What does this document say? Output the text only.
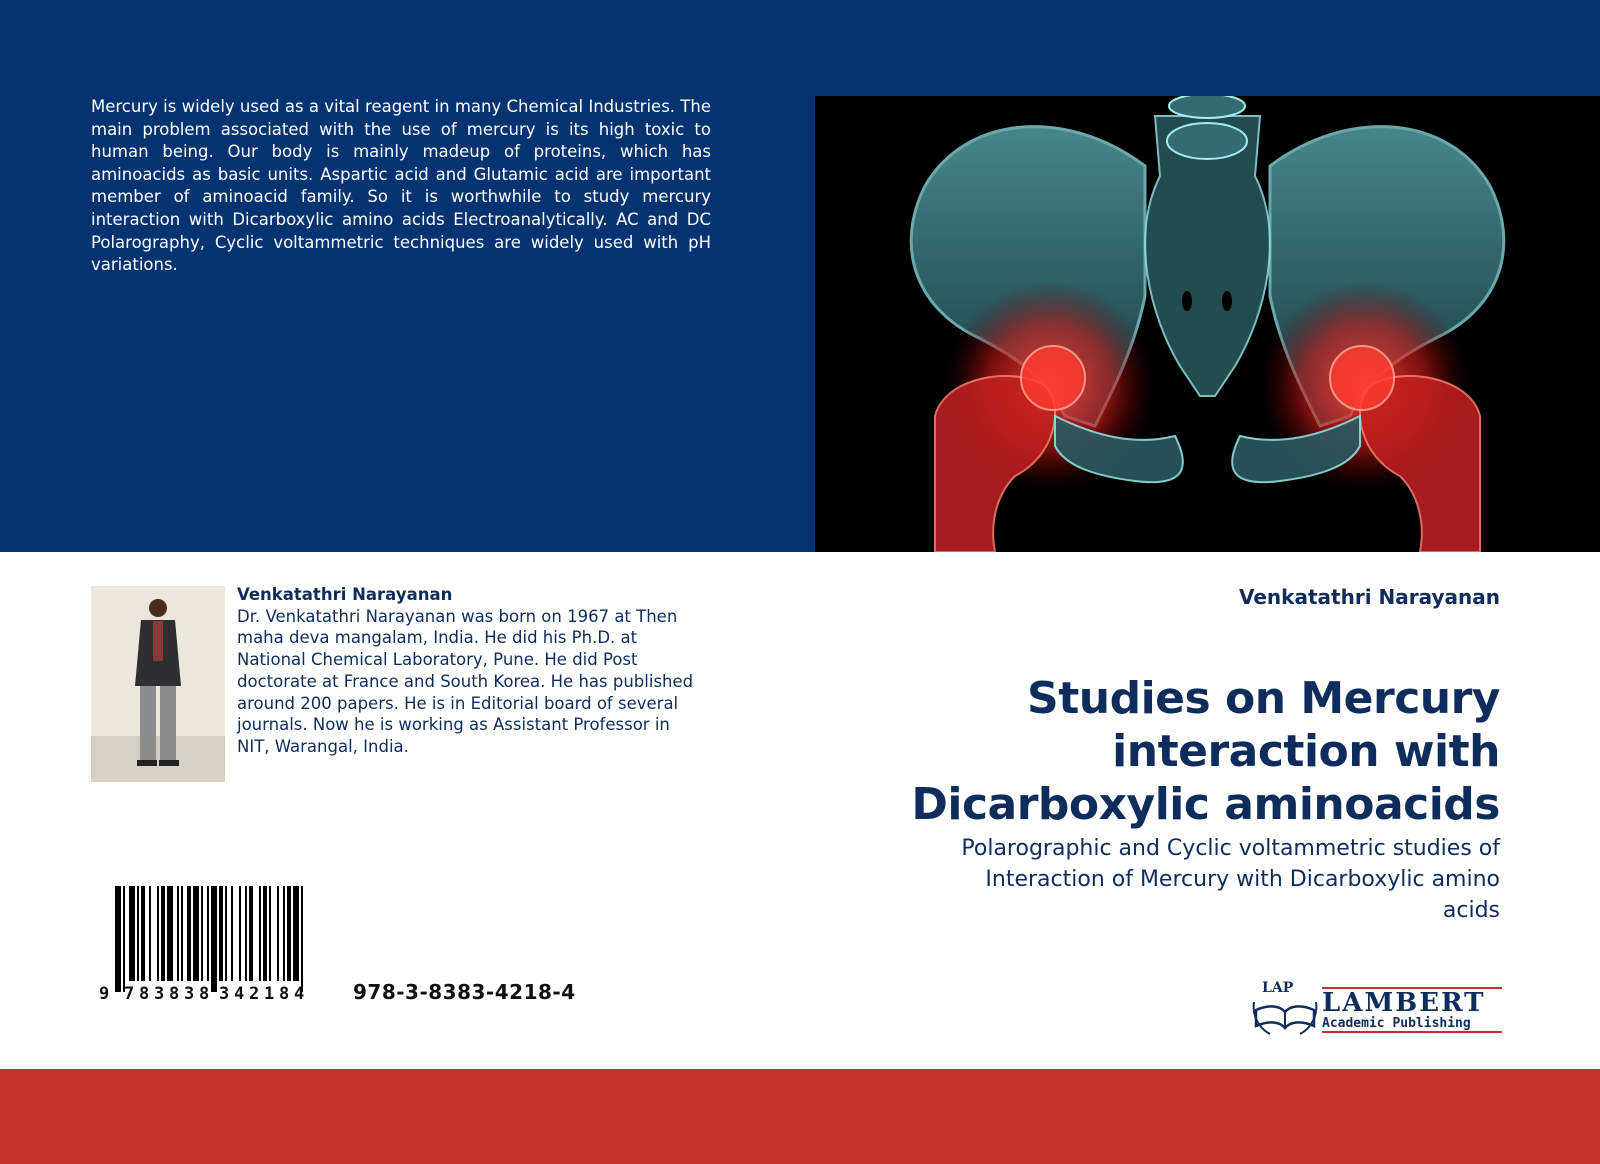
Mercury is widely used as a vital reagent in many Chemical Industries. The main problem associated with the use of mercury is its high toxic to human being. Our body is mainly madeup of proteins, which has aminoacids as basic units. Aspartic acid and Glutamic acid are important member of aminoacid family. So it is worthwhile to study mercury interaction with Dicarboxylic amino acids Electroanalytically. AC and DC Polarography, Cyclic voltammetric techniques are widely used with pH variations.

Venkatathri Narayanan
Dr. Venkatathri Narayanan was born on 1967 at Then maha deva mangalam, India. He did his Ph.D. at National Chemical Laboratory, Pune. He did Post doctorate at France and South Korea. He has published around 200 papers. He is in Editorial board of several journals. Now he is working as Assistant Professor in NIT, Warangal, India.
9 7 8 3 8 3 8 3 4 2 1 8 4 978-3-8383-4218-4
Venkatathri Narayanan
Studies on Mercury interaction with Dicarboxylic aminoacids

Polarographic and Cyclic voltammetric studies of Interaction of Mercury with Dicarboxylic amino acids

LAP LAMBERT
Academic Publishing
